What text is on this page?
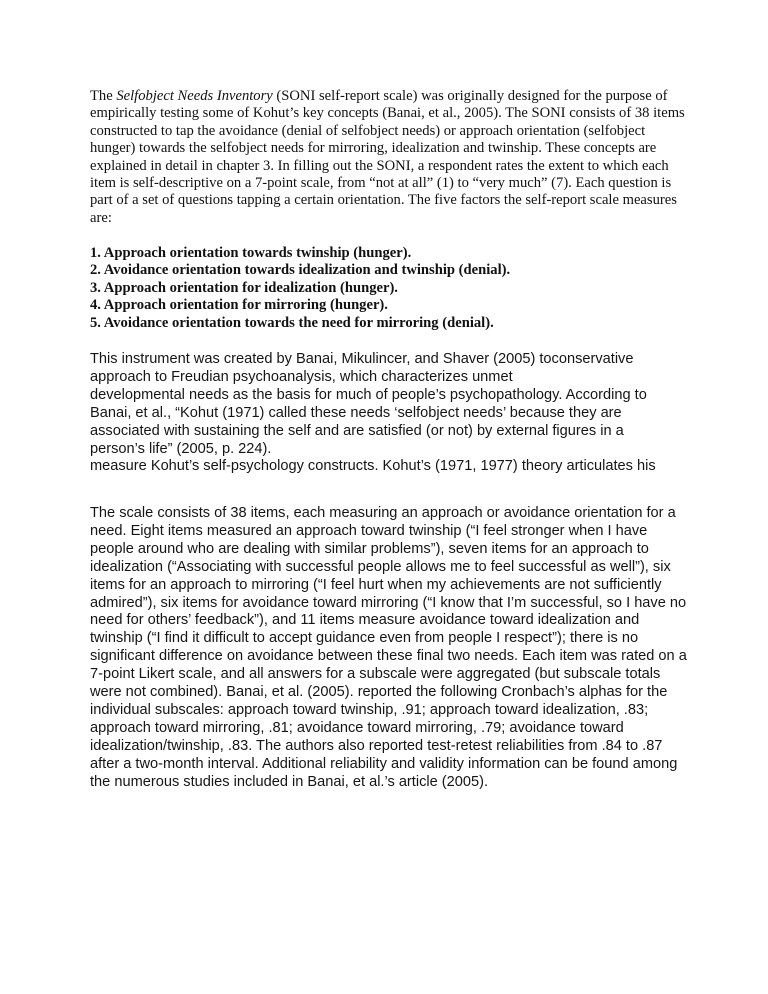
The Selfobject Needs Inventory (SONI self-report scale) was originally designed for the purpose of empirically testing some of Kohut’s key concepts (Banai, et al., 2005). The SONI consists of 38 items constructed to tap the avoidance (denial of selfobject needs) or approach orientation (selfobject hunger) towards the selfobject needs for mirroring, idealization and twinship. These concepts are explained in detail in chapter 3. In filling out the SONI, a respondent rates the extent to which each item is self-descriptive on a 7-point scale, from “not at all” (1) to “very much” (7). Each question is part of a set of questions tapping a certain orientation. The five factors the self-report scale measures are:

1. Approach orientation towards twinship (hunger).
2. Avoidance orientation towards idealization and twinship (denial).
3. Approach orientation for idealization (hunger).
4. Approach orientation for mirroring (hunger).
5. Avoidance orientation towards the need for mirroring (denial).
This instrument was created by Banai, Mikulincer, and Shaver (2005) toconservative
approach to Freudian psychoanalysis, which characterizes unmet
developmental needs as the basis for much of people’s psychopathology. According to
Banai, et al., “Kohut (1971) called these needs ‘selfobject needs’ because they are
associated with sustaining the self and are satisfied (or not) by external figures in a
person’s life” (2005, p. 224).
measure Kohut’s self-psychology constructs. Kohut’s (1971, 1977) theory articulates his

The scale consists of 38 items, each measuring an approach or avoidance orientation for a need. Eight items measured an approach toward twinship (“I feel stronger when I have people around who are dealing with similar problems”), seven items for an approach to idealization (“Associating with successful people allows me to feel successful as well”), six items for an approach to mirroring (“I feel hurt when my achievements are not sufficiently admired”), six items for avoidance toward mirroring (“I know that I’m successful, so I have no need for others’ feedback”), and 11 items measure avoidance toward idealization and twinship (“I find it difficult to accept guidance even from people I respect”); there is no significant difference on avoidance between these final two needs. Each item was rated on a 7-point Likert scale, and all answers for a subscale were aggregated (but subscale totals were not combined). Banai, et al. (2005). reported the following Cronbach’s alphas for the individual subscales: approach toward twinship, .91; approach toward idealization, .83; approach toward mirroring, .81; avoidance toward mirroring, .79; avoidance toward idealization/twinship, .83. The authors also reported test-retest reliabilities from .84 to .87 after a two-month interval. Additional reliability and validity information can be found among the numerous studies included in Banai, et al.’s article (2005).
